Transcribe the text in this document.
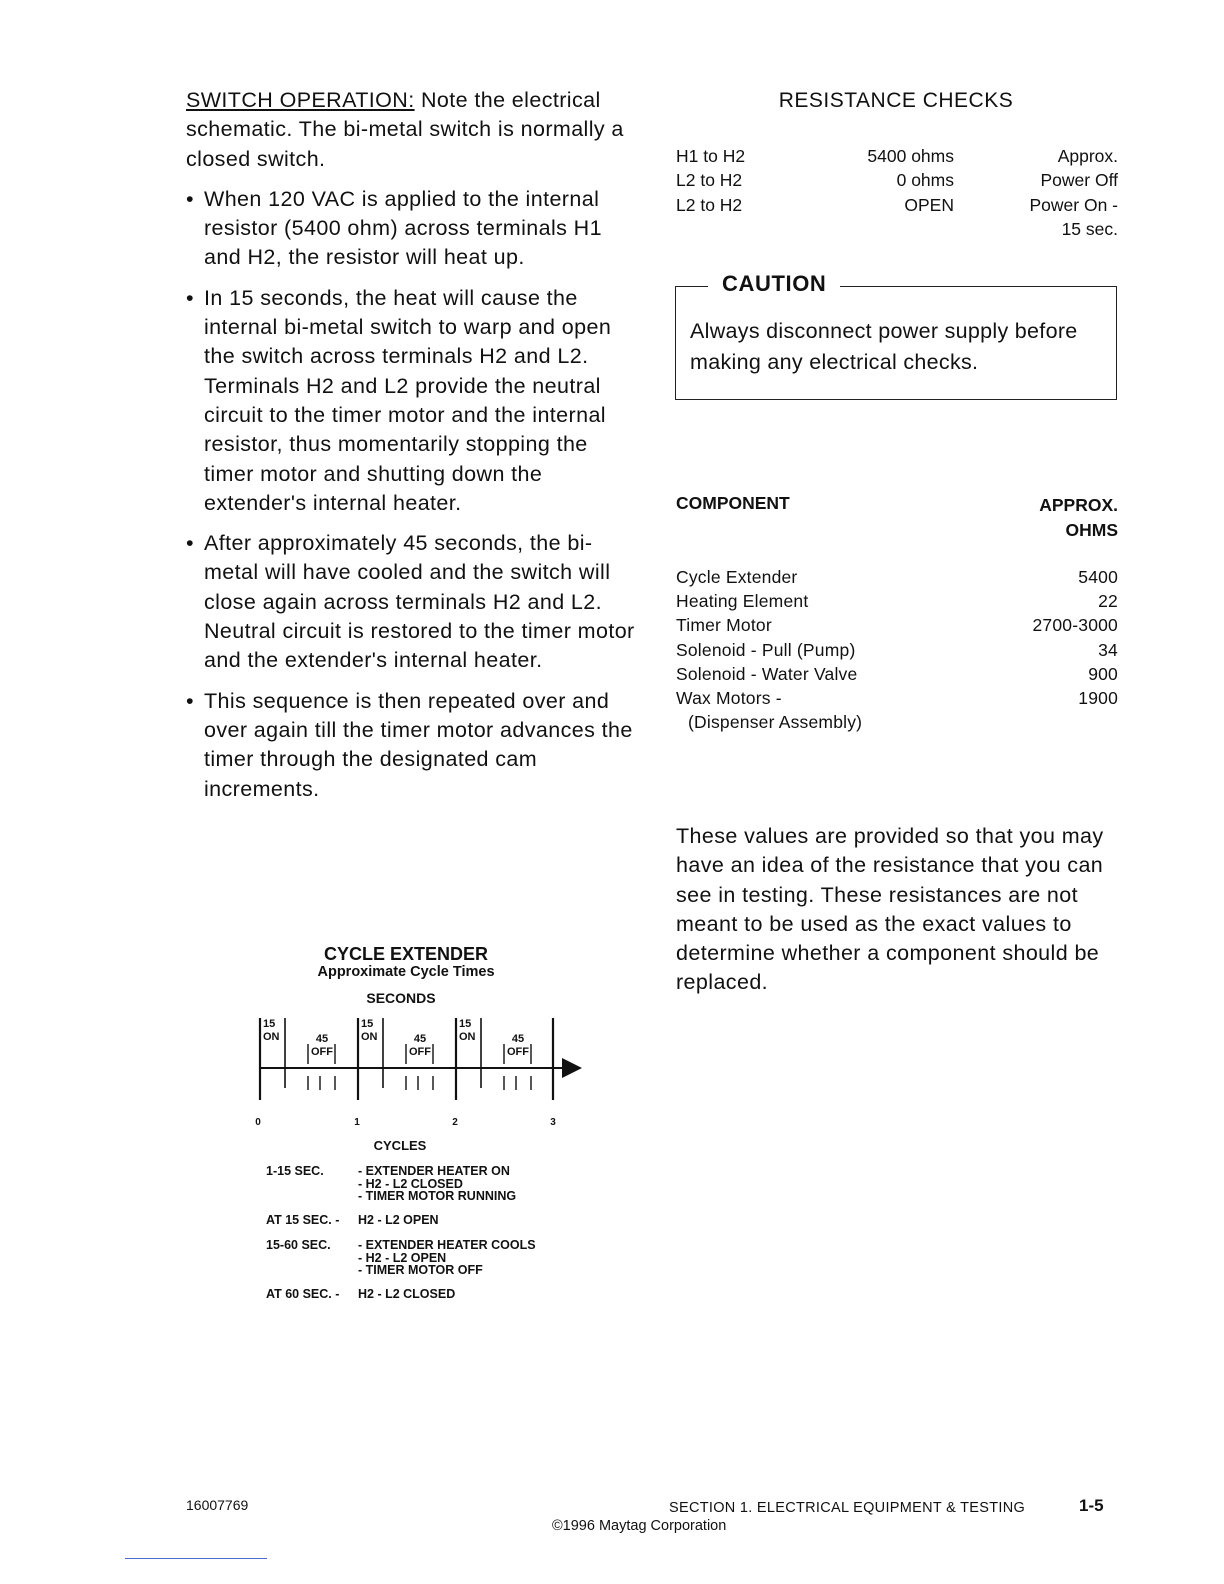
SWITCH OPERATION: Note the electrical schematic. The bi-metal switch is normally a closed switch.

• When 120 VAC is applied to the internal resistor (5400 ohm) across terminals H1 and H2, the resistor will heat up.
• In 15 seconds, the heat will cause the internal bi-metal switch to warp and open the switch across terminals H2 and L2. Terminals H2 and L2 provide the neutral circuit to the timer motor and the internal resistor, thus momentarily stopping the timer motor and shutting down the extender's internal heater.
• After approximately 45 seconds, the bi-metal will have cooled and the switch will close again across terminals H2 and L2. Neutral circuit is restored to the timer motor and the extender's internal heater.
• This sequence is then repeated over and over again till the timer motor advances the timer through the designated cam increments.
CYCLE EXTENDER
Approximate Cycle Times
SECONDS
15
ON	45
OFF
15
ON	45
OFF
15
ON	45
OFF
0	1	2	3
CYCLES
1-15 SEC.	- EXTENDER HEATER ON
- H2 - L2 CLOSED
- TIMER MOTOR RUNNING
AT 15 SEC. -	H2 - L2 OPEN
15-60 SEC.	- EXTENDER HEATER COOLS
- H2 - L2 OPEN
- TIMER MOTOR OFF
AT 60 SEC. -	H2 - L2 CLOSED
RESISTANCE CHECKS
H1 to H2	5400 ohms	Approx.
L2 to H2	0 ohms	Power Off
L2 to H2	OPEN	Power On -
15 sec.
CAUTION
Always disconnect power supply before making any electrical checks.
COMPONENT	APPROX.
OHMS
Cycle Extender	5400
Heating Element	22
Timer Motor	2700-3000
Solenoid - Pull (Pump)	34
Solenoid - Water Valve	900
Wax Motors -	1900
(Dispenser Assembly)
These values are provided so that you may have an idea of the resistance that you can see in testing. These resistances are not meant to be used as the exact values to determine whether a component should be replaced.
16007769	SECTION 1. ELECTRICAL EQUIPMENT & TESTING	1-5
©1996 Maytag Corporation
